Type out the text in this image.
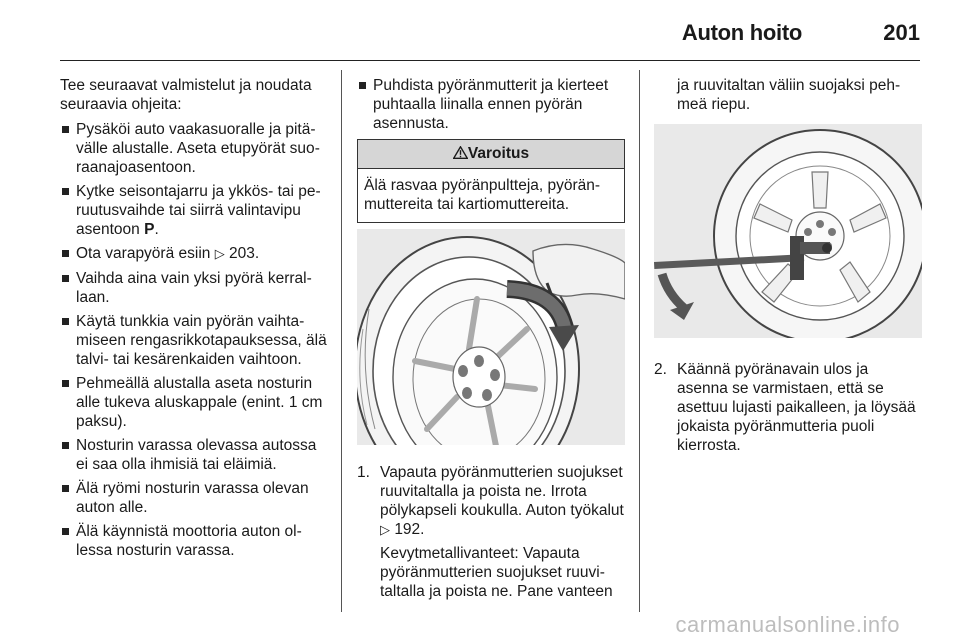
Auton hoito	201

Tee seuraavat valmistelut ja noudata seuraavia ohjeita:

Pysäköi auto vaakasuoralle ja pitävälle alustalle. Aseta etupyörät suoraanajoasentoon.
Kytke seisontajarru ja ykkös- tai peruutusvaihde tai siirrä valintavipu asentoon P.
Ota varapyörä esiin ▷ 203.
Vaihda aina vain yksi pyörä kerrallaan.
Käytä tunkkia vain pyörän vaihtamiseen rengasrikkotapauksessa, älä talvi- tai kesärenkaiden vaihtoon.
Pehmeällä alustalla aseta nosturin alle tukeva aluskappale (enint. 1 cm paksu).
Nosturin varassa olevassa autossa ei saa olla ihmisiä tai eläimiä.
Älä ryömi nosturin varassa olevan auton alle.
Älä käynnistä moottoria auton ollessa nosturin varassa.
Puhdista pyöränmutterit ja kierteet puhtaalla liinalla ennen pyörän asennusta.
Varoitus
Älä rasvaa pyöränpultteja, pyöränmuttereita tai kartiomuttereita.
1. Vapauta pyöränmutterien suojukset ruuvitaltalla ja poista ne. Irrota pölykapseli koukulla. Auton työkalut ▷ 192.
Kevytmetallivanteet: Vapauta pyöränmutterien suojukset ruuvitaltalla ja poista ne. Pane vanteen
ja ruuvitaltan väliin suojaksi pehmeä riepu.
2. Käännä pyöränavain ulos ja asenna se varmistaen, että se asettuu lujasti paikalleen, ja löysää jokaista pyöränmutteria puoli kierrosta.
carmanualsonline.info
